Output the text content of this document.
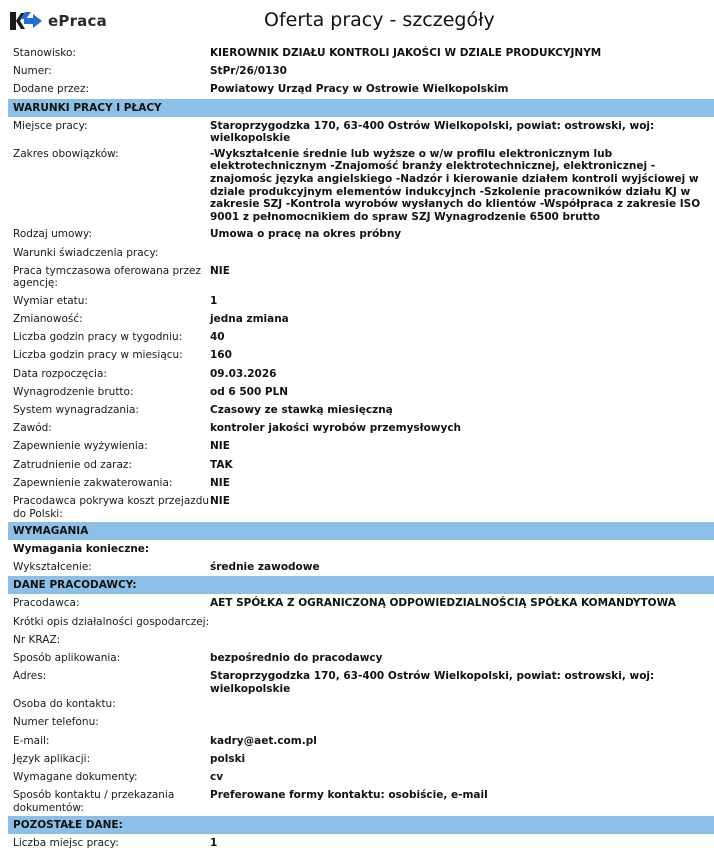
ePraca	Oferta pracy - szczegóły
Stanowisko:	KIEROWNIK DZIAŁU KONTROLI JAKOŚCI W DZIALE PRODUKCYJNYM
Numer:	StPr/26/0130
Dodane przez:	Powiatowy Urząd Pracy w Ostrowie Wielkopolskim
WARUNKI PRACY I PŁACY
Miejsce pracy:	Staroprzygodzka 170, 63-400 Ostrów Wielkopolski, powiat: ostrowski, woj: wielkopolskie
Zakres obowiązków:	-Wykształcenie średnie lub wyższe o w/w profilu elektronicznym lub elektrotechnicznym -Znajomość branży elektrotechnicznej, elektronicznej -znajomośc języka angielskiego -Nadzór i kierowanie działem kontroli wyjściowej w dziale produkcyjnym elementów indukcyjnch -Szkolenie pracowników działu KJ w zakresie SZJ -Kontrola wyrobów wysłanych do klientów -Współpraca z zakresie ISO 9001 z pełnomocnikiem do spraw SZJ Wynagrodzenie 6500 brutto
Rodzaj umowy:	Umowa o pracę na okres próbny
Warunki świadczenia pracy:
Praca tymczasowa oferowana przez agencję:
NIE
Wymiar etatu:	1
Zmianowość:	jedna zmiana
Liczba godzin pracy w tygodniu:	40
Liczba godzin pracy w miesiącu:	160
Data rozpoczęcia:	09.03.2026
Wynagrodzenie brutto:	od 6 500 PLN
System wynagradzania:	Czasowy ze stawką miesięczną
Zawód:	kontroler jakości wyrobów przemysłowych
Zapewnienie wyżywienia:	NIE
Zatrudnienie od zaraz:	TAK
Zapewnienie zakwaterowania:	NIE
Pracodawca pokrywa koszt przejazdu do Polski:
NIE
WYMAGANIA
Wymagania konieczne:
Wykształcenie:	średnie zawodowe
DANE PRACODAWCY:
Pracodawca:	AET SPÓŁKA Z OGRANICZONĄ ODPOWIEDZIALNOŚCIĄ SPÓŁKA KOMANDYTOWA
Krótki opis działalności gospodarczej:
Nr KRAZ:
Sposób aplikowania:	bezpośrednio do pracodawcy
Adres:	Staroprzygodzka 170, 63-400 Ostrów Wielkopolski, powiat: ostrowski, woj: wielkopolskie
Osoba do kontaktu:
Numer telefonu:
E-mail:	kadry@aet.com.pl
Język aplikacji:	polski
Wymagane dokumenty:	cv
Sposób kontaktu / przekazania dokumentów:
Preferowane formy kontaktu: osobiście, e-mail
POZOSTAŁE DANE:
Liczba miejsc pracy:	1
